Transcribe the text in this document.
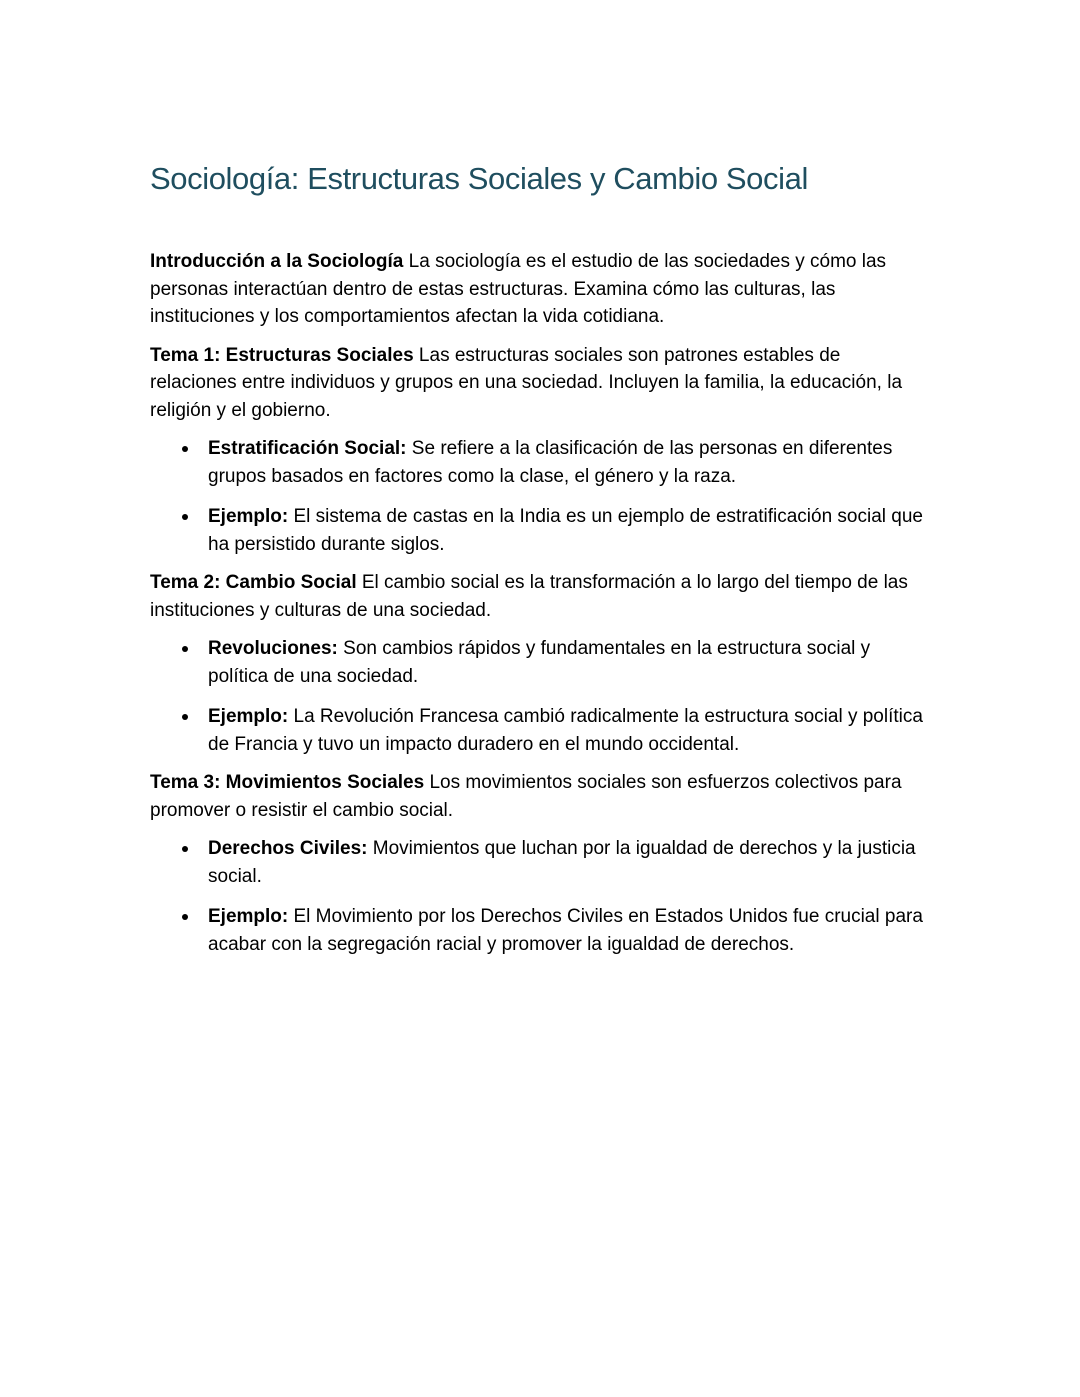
Sociología: Estructuras Sociales y Cambio Social

Introducción a la Sociología La sociología es el estudio de las sociedades y cómo las personas interactúan dentro de estas estructuras. Examina cómo las culturas, las instituciones y los comportamientos afectan la vida cotidiana.

Tema 1: Estructuras Sociales Las estructuras sociales son patrones estables de relaciones entre individuos y grupos en una sociedad. Incluyen la familia, la educación, la religión y el gobierno.

Estratificación Social: Se refiere a la clasificación de las personas en diferentes grupos basados en factores como la clase, el género y la raza.
Ejemplo: El sistema de castas en la India es un ejemplo de estratificación social que ha persistido durante siglos.

Tema 2: Cambio Social El cambio social es la transformación a lo largo del tiempo de las instituciones y culturas de una sociedad.

Revoluciones: Son cambios rápidos y fundamentales en la estructura social y política de una sociedad.
Ejemplo: La Revolución Francesa cambió radicalmente la estructura social y política de Francia y tuvo un impacto duradero en el mundo occidental.

Tema 3: Movimientos Sociales Los movimientos sociales son esfuerzos colectivos para promover o resistir el cambio social.

Derechos Civiles: Movimientos que luchan por la igualdad de derechos y la justicia social.
Ejemplo: El Movimiento por los Derechos Civiles en Estados Unidos fue crucial para acabar con la segregación racial y promover la igualdad de derechos.
